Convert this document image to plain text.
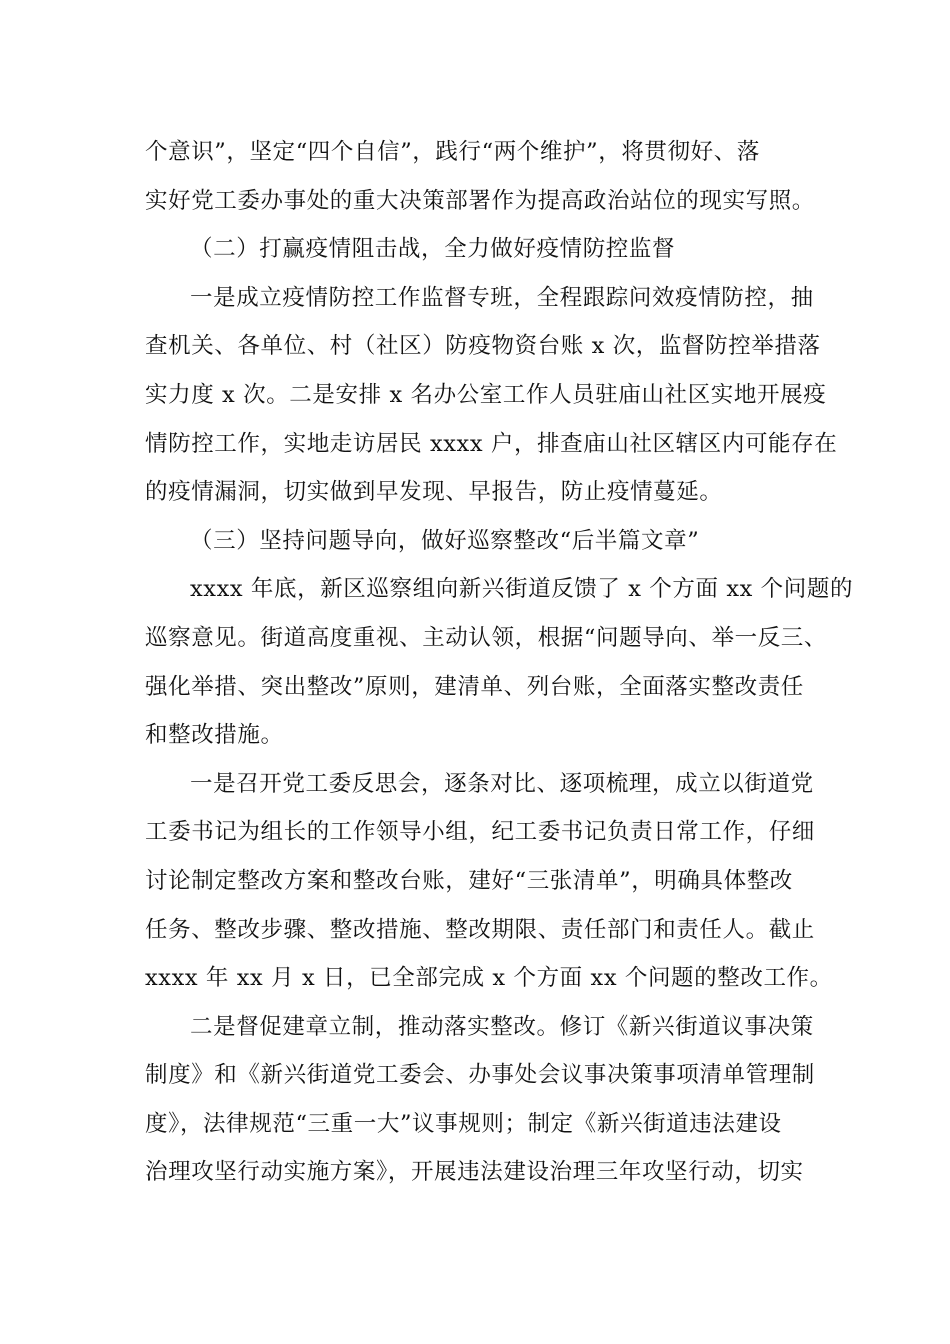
个意识”，坚定“四个自信”，践行“两个维护”，将贯彻好、落
实好党工委办事处的重大决策部署作为提高政治站位的现实写照。
（二）打赢疫情阻击战，全力做好疫情防控监督
一是成立疫情防控工作监督专班，全程跟踪问效疫情防控，抽
查机关、各单位、村（社区）防疫物资台账 x 次，监督防控举措落
实力度 x 次。二是安排 x 名办公室工作人员驻庙山社区实地开展疫
情防控工作，实地走访居民 xxxx 户，排查庙山社区辖区内可能存在
的疫情漏洞，切实做到早发现、早报告，防止疫情蔓延。
（三）坚持问题导向，做好巡察整改“后半篇文章”
xxxx 年底，新区巡察组向新兴街道反馈了 x 个方面 xx 个问题的
巡察意见。街道高度重视、主动认领，根据“问题导向、举一反三、
强化举措、突出整改”原则，建清单、列台账，全面落实整改责任
和整改措施。
一是召开党工委反思会，逐条对比、逐项梳理，成立以街道党
工委书记为组长的工作领导小组，纪工委书记负责日常工作，仔细
讨论制定整改方案和整改台账，建好“三张清单”，明确具体整改
任务、整改步骤、整改措施、整改期限、责任部门和责任人。截止
xxxx 年 xx 月 x 日，已全部完成 x 个方面 xx 个问题的整改工作。
二是督促建章立制，推动落实整改。修订《新兴街道议事决策
制度》和《新兴街道党工委会、办事处会议事决策事项清单管理制
度》，法律规范“三重一大”议事规则；制定《新兴街道违法建设
治理攻坚行动实施方案》，开展违法建设治理三年攻坚行动，切实
